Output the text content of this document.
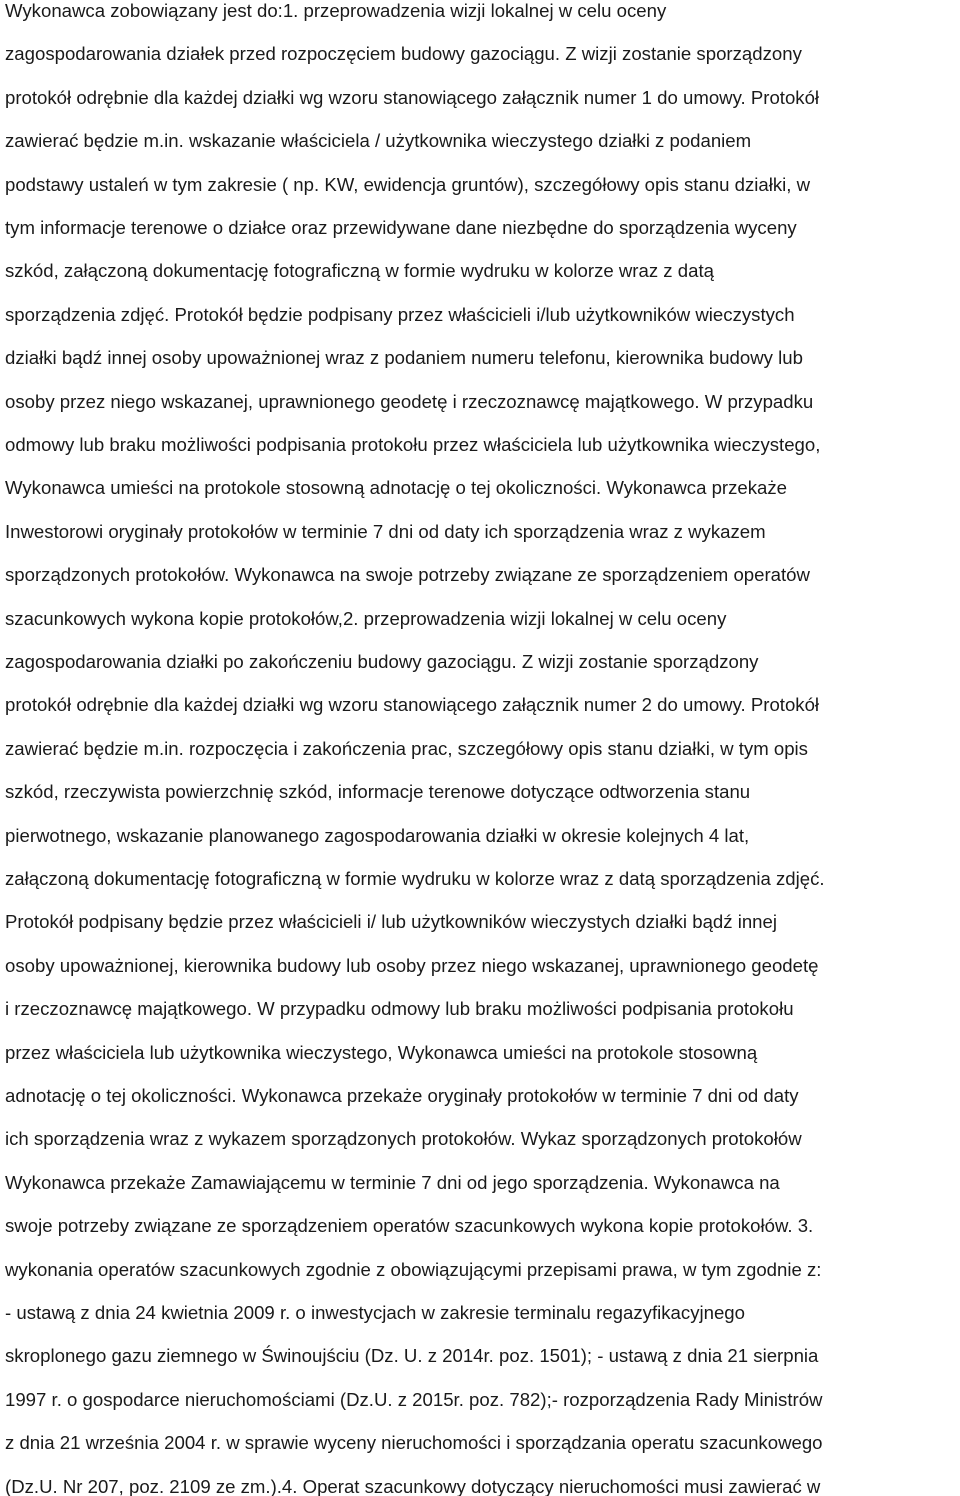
Wykonawca zobowiązany jest do:1. przeprowadzenia wizji lokalnej w celu oceny
zagospodarowania działek przed rozpoczęciem budowy gazociągu. Z wizji zostanie sporządzony
protokół odrębnie dla każdej działki wg wzoru stanowiącego załącznik numer 1 do umowy. Protokół
zawierać będzie m.in. wskazanie właściciela / użytkownika wieczystego działki z podaniem
podstawy ustaleń w tym zakresie ( np. KW, ewidencja gruntów), szczegółowy opis stanu działki, w
tym informacje terenowe o działce oraz przewidywane dane niezbędne do sporządzenia wyceny
szkód, załączoną dokumentację fotograficzną w formie wydruku w kolorze wraz z datą
sporządzenia zdjęć. Protokół będzie podpisany przez właścicieli i/lub użytkowników wieczystych
działki bądź innej osoby upoważnionej wraz z podaniem numeru telefonu, kierownika budowy lub
osoby przez niego wskazanej, uprawnionego geodetę i rzeczoznawcę majątkowego. W przypadku
odmowy lub braku możliwości podpisania protokołu przez właściciela lub użytkownika wieczystego,
Wykonawca umieści na protokole stosowną adnotację o tej okoliczności. Wykonawca przekaże
Inwestorowi oryginały protokołów w terminie 7 dni od daty ich sporządzenia wraz z wykazem
sporządzonych protokołów. Wykonawca na swoje potrzeby związane ze sporządzeniem operatów
szacunkowych wykona kopie protokołów,2. przeprowadzenia wizji lokalnej w celu oceny
zagospodarowania działki po zakończeniu budowy gazociągu. Z wizji zostanie sporządzony
protokół odrębnie dla każdej działki wg wzoru stanowiącego załącznik numer 2 do umowy. Protokół
zawierać będzie m.in. rozpoczęcia i zakończenia prac, szczegółowy opis stanu działki, w tym opis
szkód, rzeczywista powierzchnię szkód, informacje terenowe dotyczące odtworzenia stanu
pierwotnego, wskazanie planowanego zagospodarowania działki w okresie kolejnych 4 lat,
załączoną dokumentację fotograficzną w formie wydruku w kolorze wraz z datą sporządzenia zdjęć.
Protokół podpisany będzie przez właścicieli i/ lub użytkowników wieczystych działki bądź innej
osoby upoważnionej, kierownika budowy lub osoby przez niego wskazanej, uprawnionego geodetę
i rzeczoznawcę majątkowego. W przypadku odmowy lub braku możliwości podpisania protokołu
przez właściciela lub użytkownika wieczystego, Wykonawca umieści na protokole stosowną
adnotację o tej okoliczności. Wykonawca przekaże oryginały protokołów w terminie 7 dni od daty
ich sporządzenia wraz z wykazem sporządzonych protokołów. Wykaz sporządzonych protokołów
Wykonawca przekaże Zamawiającemu w terminie 7 dni od jego sporządzenia. Wykonawca na
swoje potrzeby związane ze sporządzeniem operatów szacunkowych wykona kopie protokołów. 3.
wykonania operatów szacunkowych zgodnie z obowiązującymi przepisami prawa, w tym zgodnie z:
- ustawą z dnia 24 kwietnia 2009 r. o inwestycjach w zakresie terminalu regazyfikacyjnego
skroplonego gazu ziemnego w Świnoujściu (Dz. U. z 2014r. poz. 1501); - ustawą z dnia 21 sierpnia
1997 r. o gospodarce nieruchomościami (Dz.U. z 2015r. poz. 782);- rozporządzenia Rady Ministrów
z dnia 21 września 2004 r. w sprawie wyceny nieruchomości i sporządzania operatu szacunkowego
(Dz.U. Nr 207, poz. 2109 ze zm.).4. Operat szacunkowy dotyczący nieruchomości musi zawierać w
